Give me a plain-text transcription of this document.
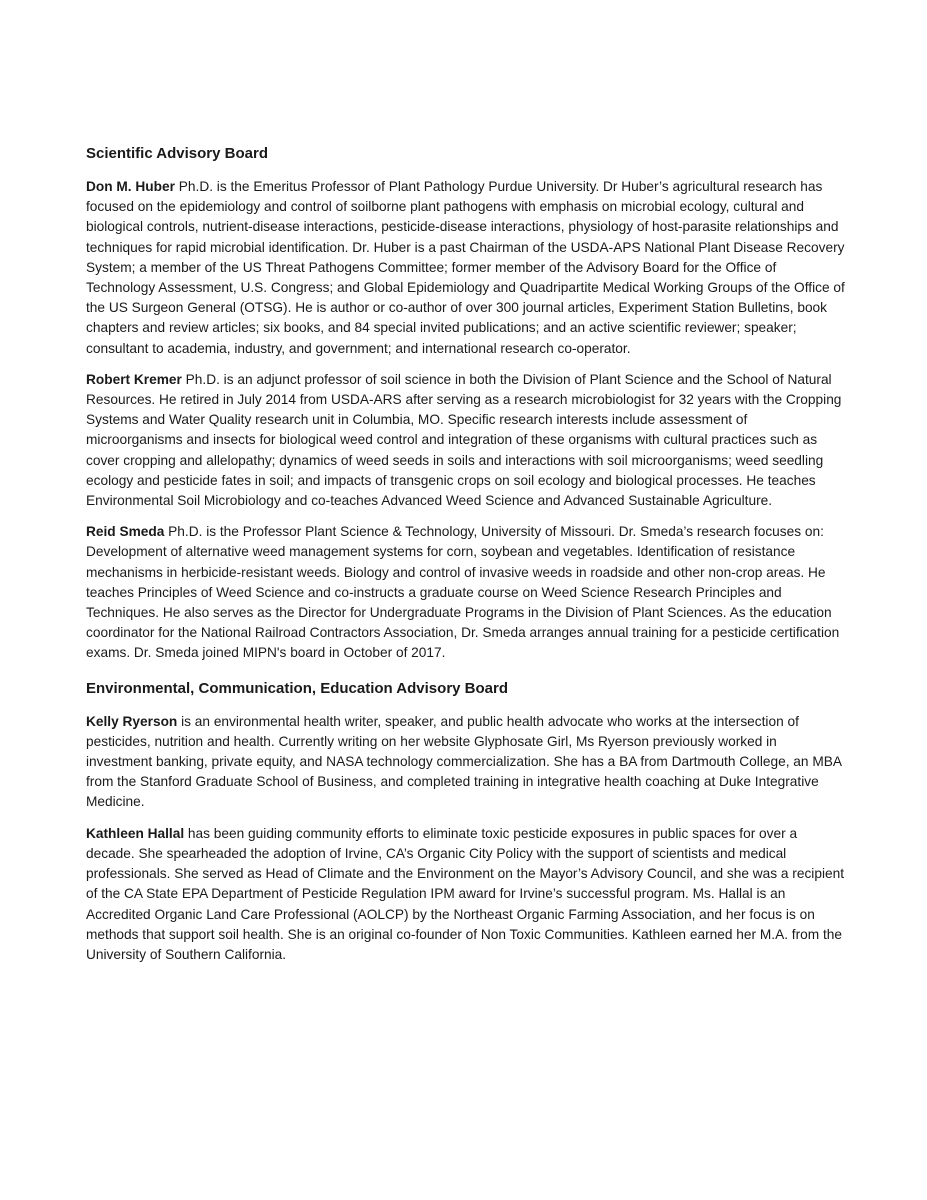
Scientific Advisory Board

Don M. Huber Ph.D. is the Emeritus Professor of Plant Pathology Purdue University. Dr Huber’s agricultural research has focused on the epidemiology and control of soilborne plant pathogens with emphasis on microbial ecology, cultural and biological controls, nutrient-disease interactions, pesticide-disease interactions, physiology of host-parasite relationships and techniques for rapid microbial identification. Dr. Huber is a past Chairman of the USDA-APS National Plant Disease Recovery System; a member of the US Threat Pathogens Committee; former member of the Advisory Board for the Office of Technology Assessment, U.S. Congress; and Global Epidemiology and Quadripartite Medical Working Groups of the Office of the US Surgeon General (OTSG). He is author or co-author of over 300 journal articles, Experiment Station Bulletins, book chapters and review articles; six books, and 84 special invited publications; and an active scientific reviewer; speaker; consultant to academia, industry, and government; and international research co-operator.

Robert Kremer Ph.D. is an adjunct professor of soil science in both the Division of Plant Science and the School of Natural Resources. He retired in July 2014 from USDA-ARS after serving as a research microbiologist for 32 years with the Cropping Systems and Water Quality research unit in Columbia, MO. Specific research interests include assessment of microorganisms and insects for biological weed control and integration of these organisms with cultural practices such as cover cropping and allelopathy; dynamics of weed seeds in soils and interactions with soil microorganisms; weed seedling ecology and pesticide fates in soil; and impacts of transgenic crops on soil ecology and biological processes. He teaches Environmental Soil Microbiology and co-teaches Advanced Weed Science and Advanced Sustainable Agriculture.

Reid Smeda Ph.D. is the Professor Plant Science & Technology, University of Missouri. Dr. Smeda’s research focuses on: Development of alternative weed management systems for corn, soybean and vegetables. Identification of resistance mechanisms in herbicide-resistant weeds. Biology and control of invasive weeds in roadside and other non-crop areas. He teaches Principles of Weed Science and co-instructs a graduate course on Weed Science Research Principles and Techniques. He also serves as the Director for Undergraduate Programs in the Division of Plant Sciences. As the education coordinator for the National Railroad Contractors Association, Dr. Smeda arranges annual training for a pesticide certification exams. Dr. Smeda joined MIPN's board in October of 2017.

Environmental, Communication, Education Advisory Board

Kelly Ryerson is an environmental health writer, speaker, and public health advocate who works at the intersection of pesticides, nutrition and health. Currently writing on her website Glyphosate Girl, Ms Ryerson previously worked in investment banking, private equity, and NASA technology commercialization. She has a BA from Dartmouth College, an MBA from the Stanford Graduate School of Business, and completed training in integrative health coaching at Duke Integrative Medicine.

Kathleen Hallal has been guiding community efforts to eliminate toxic pesticide exposures in public spaces for over a decade. She spearheaded the adoption of Irvine, CA’s Organic City Policy with the support of scientists and medical professionals. She served as Head of Climate and the Environment on the Mayor’s Advisory Council, and she was a recipient of the CA State EPA Department of Pesticide Regulation IPM award for Irvine’s successful program. Ms. Hallal is an Accredited Organic Land Care Professional (AOLCP) by the Northeast Organic Farming Association, and her focus is on methods that support soil health. She is an original co-founder of Non Toxic Communities. Kathleen earned her M.A. from the University of Southern California.
